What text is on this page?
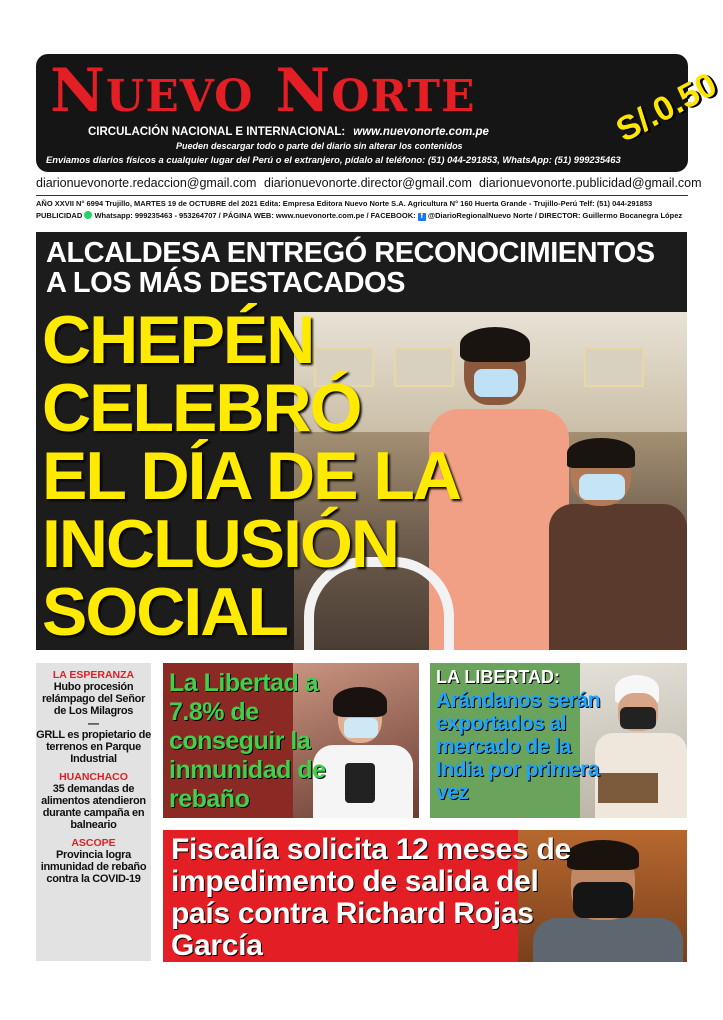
NUEVO NORTE
CIRCULACIÓN NACIONAL E INTERNACIONAL: www.nuevonorte.com.pe
Pueden descargar todo o parte del diario sin alterar los contenidos
Enviamos diarios físicos a cualquier lugar del Perú o el extranjero, pídalo al teléfono: (51) 044-291853, WhatsApp: (51) 999235463
S/.0.50
diarionuevonorte.redaccion@gmail.com diarionuevonorte.director@gmail.com diarionuevonorte.publicidad@gmail.com
AÑO XXVII N° 6994 Trujillo, MARTES 19 de OCTUBRE del 2021 Edita: Empresa Editora Nuevo Norte S.A. Agricultura N° 160 Huerta Grande - Trujillo-Perú Telf: (51) 044-291853
PUBLICIDAD Whatsapp: 999235463 - 953264707 / PÁGINA WEB: www.nuevonorte.com.pe / FACEBOOK: f @DiarioRegionalNuevo Norte / DIRECTOR: Guillermo Bocanegra López
ALCALDESA ENTREGÓ RECONOCIMIENTOS
A LOS MÁS DESTACADOS
CHEPÉN
CELEBRÓ
EL DÍA DE LA
INCLUSIÓN
SOCIAL
LA ESPERANZA
Hubo procesión relámpago del Señor de Los Milagros
—
GRLL es propietario de terrenos en Parque Industrial
HUANCHACO
35 demandas de alimentos atendieron durante campaña en balneario
ASCOPE
Provincia logra inmunidad de rebaño contra la COVID-19
La Libertad a 7.8% de conseguir la inmunidad de rebaño
LA LIBERTAD:
Arándanos serán exportados al mercado de la India por primera vez
Fiscalía solicita 12 meses de impedimento de salida del país contra Richard Rojas García
